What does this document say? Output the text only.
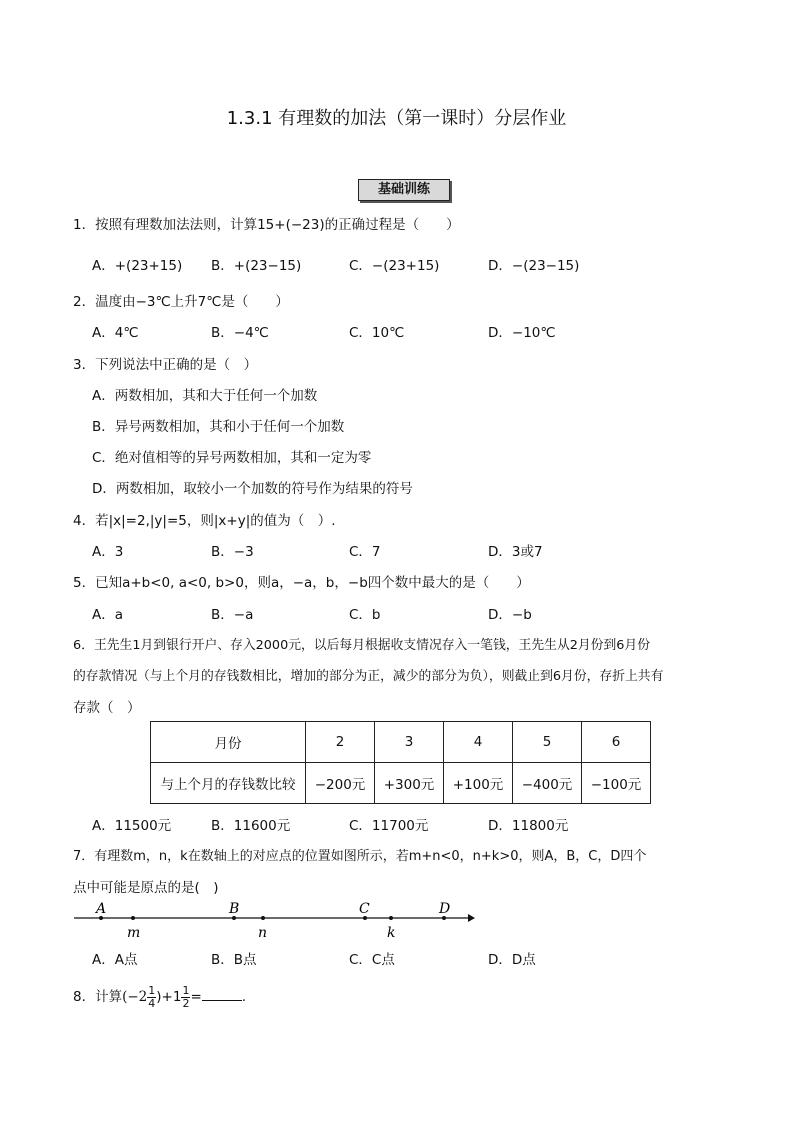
1.3.1 有理数的加法（第一课时）分层作业
基础训练
1．按照有理数加法法则，计算15+(−23)的正确过程是（　　）
A．+(23+15) B．+(23−15)	C．−(23+15)	D．−(23−15)
2．温度由−3℃上升7℃是（　　）
A．4℃	B．−4℃	C．10℃	D．−10℃
3．下列说法中正确的是（　）
A．两数相加，其和大于任何一个加数
B．异号两数相加，其和小于任何一个加数
C．绝对值相等的异号两数相加，其和一定为零
D．两数相加，取较小一个加数的符号作为结果的符号
4．若|x|=2,|y|=5，则|x+y|的值为（　）.
A．3	B．−3	C．7	D．3或7
5．已知a+b<0, a<0, b>0，则a，−a，b，−b四个数中最大的是（　　）
A．a	B．−a	C．b	D．−b
6．王先生1月到银行开户、存入2000元，以后每月根据收支情况存入一笔钱，王先生从2月份到6月份
的存款情况（与上个月的存钱数相比，增加的部分为正，减少的部分为负），则截止到6月份，存折上共有
存款（　）
月份	2	3	4	5	6
与上个月的存钱数比较	−200元	+300元	+100元	−400元	−100元
A．11500元	B．11600元	C．11700元	D．11800元
7．有理数m，n，k在数轴上的对应点的位置如图所示，若m+n<0，n+k>0，则A，B，C，D四个
点中可能是原点的是(　)
A	B	C	D
m	n	k
A．A点	B．B点	C．C点	D．D点
8．计算$(-2 \frac{1}{4} )+1 \frac{1}{2}$ =	.
